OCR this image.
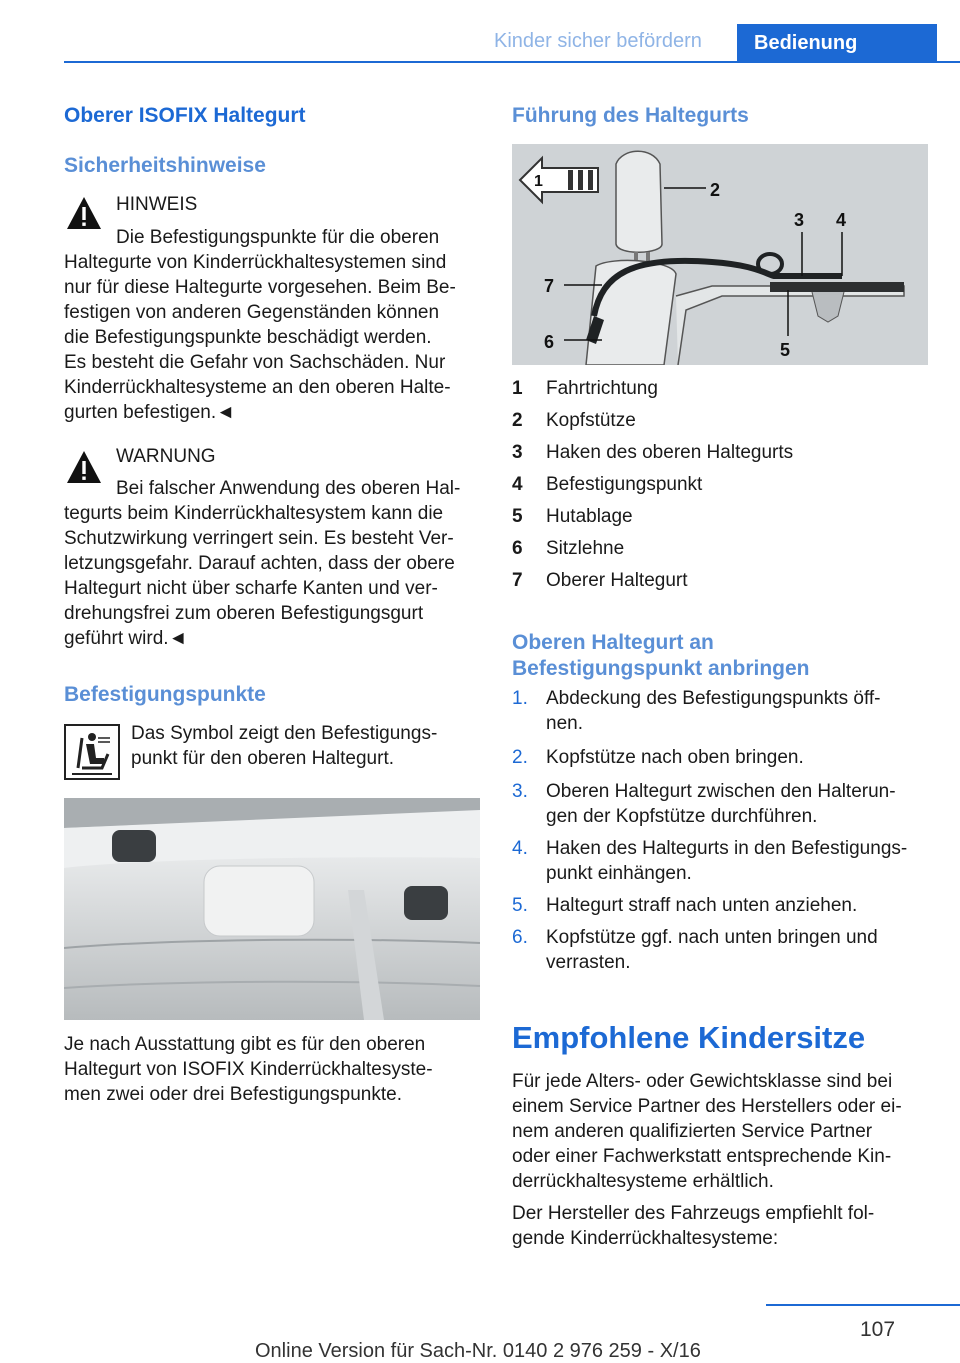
Kinder sicher befördern	Bedienung
Oberer ISOFIX Haltegurt
Sicherheitshinweise
HINWEIS
Die Befestigungspunkte für die oberen
Haltegurte von Kinderrückhaltesystemen sind
nur für diese Haltegurte vorgesehen. Beim Be‐
festigen von anderen Gegenständen können
die Befestigungspunkte beschädigt werden.
Es besteht die Gefahr von Sachschäden. Nur
Kinderrückhaltesysteme an den oberen Halte‐
gurten befestigen.◄
WARNUNG
Bei falscher Anwendung des oberen Hal‐
tegurts beim Kinderrückhaltesystem kann die
Schutzwirkung verringert sein. Es besteht Ver‐
letzungsgefahr. Darauf achten, dass der obere
Haltegurt nicht über scharfe Kanten und ver‐
drehungsfrei zum oberen Befestigungsgurt
geführt wird.◄
Befestigungspunkte
Das Symbol zeigt den Befestigungs‐
punkt für den oberen Haltegurt.
Je nach Ausstattung gibt es für den oberen
Haltegurt von ISOFIX Kinderrückhaltesyste‐
men zwei oder drei Befestigungspunkte.
Führung des Haltegurts
1	2
3 4
5
6
7
1 Fahrtrichtung
2 Kopfstütze
3 Haken des oberen Haltegurts
4 Befestigungspunkt
5 Hutablage
6 Sitzlehne
7 Oberer Haltegurt
Oberen Haltegurt an
Befestigungspunkt anbringen
1. Abdeckung des Befestigungspunkts öff‐
nen.
2. Kopfstütze nach oben bringen.
3. Oberen Haltegurt zwischen den Halterun‐
gen der Kopfstütze durchführen.
4. Haken des Haltegurts in den Befestigungs‐
punkt einhängen.
5. Haltegurt straff nach unten anziehen.
6. Kopfstütze ggf. nach unten bringen und
verrasten.
Empfohlene Kindersitze
Für jede Alters- oder Gewichtsklasse sind bei
einem Service Partner des Herstellers oder ei‐
nem anderen qualifizierten Service Partner
oder einer Fachwerkstatt entsprechende Kin‐
derrückhaltesysteme erhältlich.
Der Hersteller des Fahrzeugs empfiehlt fol‐
gende Kinderrückhaltesysteme:
107
Online Version für Sach-Nr. 0140 2 976 259 - X/16
